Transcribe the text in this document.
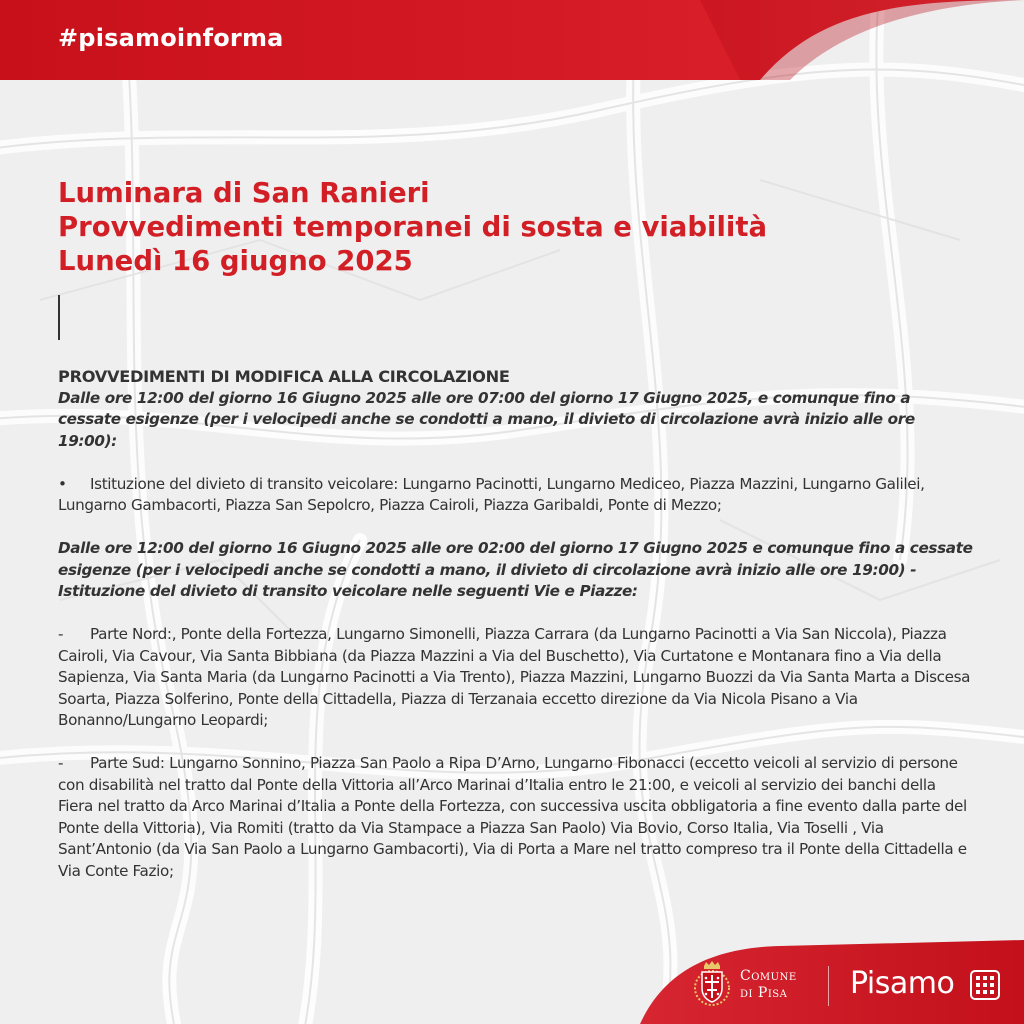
#pisamoinforma
Luminara di San Ranieri
Provvedimenti temporanei di sosta e viabilità
Lunedì 16 giugno 2025
PROVVEDIMENTI DI MODIFICA ALLA CIRCOLAZIONE
Dalle ore 12:00 del giorno 16 Giugno 2025 alle ore 07:00 del giorno 17 Giugno 2025, e comunque fino a cessate esigenze (per i velocipedi anche se condotti a mano, il divieto di circolazione avrà inizio alle ore 19:00):
• Istituzione del divieto di transito veicolare: Lungarno Pacinotti, Lungarno Mediceo, Piazza Mazzini, Lungarno Galilei, Lungarno Gambacorti, Piazza San Sepolcro, Piazza Cairoli, Piazza Garibaldi, Ponte di Mezzo;
Dalle ore 12:00 del giorno 16 Giugno 2025 alle ore 02:00 del giorno 17 Giugno 2025 e comunque fino a cessate esigenze (per i velocipedi anche se condotti a mano, il divieto di circolazione avrà inizio alle ore 19:00) - Istituzione del divieto di transito veicolare nelle seguenti Vie e Piazze:
- Parte Nord:, Ponte della Fortezza, Lungarno Simonelli, Piazza Carrara (da Lungarno Pacinotti a Via San Niccola), Piazza Cairoli, Via Cavour, Via Santa Bibbiana (da Piazza Mazzini a Via del Buschetto), Via Curtatone e Montanara fino a Via della Sapienza, Via Santa Maria (da Lungarno Pacinotti a Via Trento), Piazza Mazzini, Lungarno Buozzi da Via Santa Marta a Discesa Soarta, Piazza Solferino, Ponte della Cittadella, Piazza di Terzanaia eccetto direzione da Via Nicola Pisano a Via Bonanno/Lungarno Leopardi;
- Parte Sud: Lungarno Sonnino, Piazza San Paolo a Ripa D’Arno, Lungarno Fibonacci (eccetto veicoli al servizio di persone con disabilità nel tratto dal Ponte della Vittoria all’Arco Marinai d’Italia entro le 21:00, e veicoli al servizio dei banchi della Fiera nel tratto da Arco Marinai d’Italia a Ponte della Fortezza, con successiva uscita obbligatoria a fine evento dalla parte del Ponte della Vittoria), Via Romiti (tratto da Via Stampace a Piazza San Paolo) Via Bovio, Corso Italia, Via Toselli , Via Sant’Antonio (da Via San Paolo a Lungarno Gambacorti), Via di Porta a Mare nel tratto compreso tra il Ponte della Cittadella e Via Conte Fazio;
Comune
di Pisa	Pisamo
